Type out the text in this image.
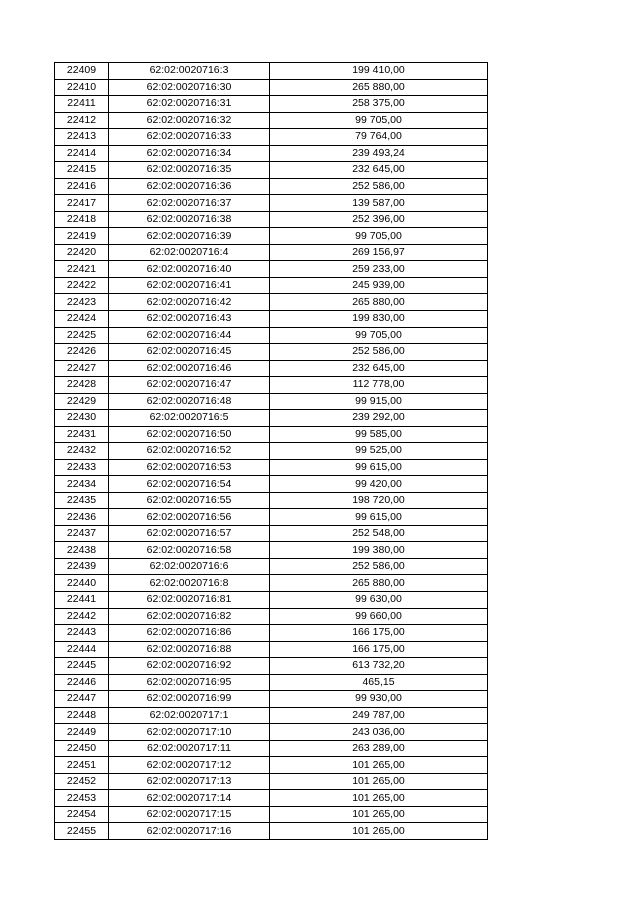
22409	62:02:0020716:3	199 410,00
22410	62:02:0020716:30	265 880,00
22411	62:02:0020716:31	258 375,00
22412	62:02:0020716:32	99 705,00
22413	62:02:0020716:33	79 764,00
22414	62:02:0020716:34	239 493,24
22415	62:02:0020716:35	232 645,00
22416	62:02:0020716:36	252 586,00
22417	62:02:0020716:37	139 587,00
22418	62:02:0020716:38	252 396,00
22419	62:02:0020716:39	99 705,00
22420	62:02:0020716:4	269 156,97
22421	62:02:0020716:40	259 233,00
22422	62:02:0020716:41	245 939,00
22423	62:02:0020716:42	265 880,00
22424	62:02:0020716:43	199 830,00
22425	62:02:0020716:44	99 705,00
22426	62:02:0020716:45	252 586,00
22427	62:02:0020716:46	232 645,00
22428	62:02:0020716:47	112 778,00
22429	62:02:0020716:48	99 915,00
22430	62:02:0020716:5	239 292,00
22431	62:02:0020716:50	99 585,00
22432	62:02:0020716:52	99 525,00
22433	62:02:0020716:53	99 615,00
22434	62:02:0020716:54	99 420,00
22435	62:02:0020716:55	198 720,00
22436	62:02:0020716:56	99 615,00
22437	62:02:0020716:57	252 548,00
22438	62:02:0020716:58	199 380,00
22439	62:02:0020716:6	252 586,00
22440	62:02:0020716:8	265 880,00
22441	62:02:0020716:81	99 630,00
22442	62:02:0020716:82	99 660,00
22443	62:02:0020716:86	166 175,00
22444	62:02:0020716:88	166 175,00
22445	62:02:0020716:92	613 732,20
22446	62:02:0020716:95	465,15
22447	62:02:0020716:99	99 930,00
22448	62:02:0020717:1	249 787,00
22449	62:02:0020717:10	243 036,00
22450	62:02:0020717:11	263 289,00
22451	62:02:0020717:12	101 265,00
22452	62:02:0020717:13	101 265,00
22453	62:02:0020717:14	101 265,00
22454	62:02:0020717:15	101 265,00
22455	62:02:0020717:16	101 265,00
